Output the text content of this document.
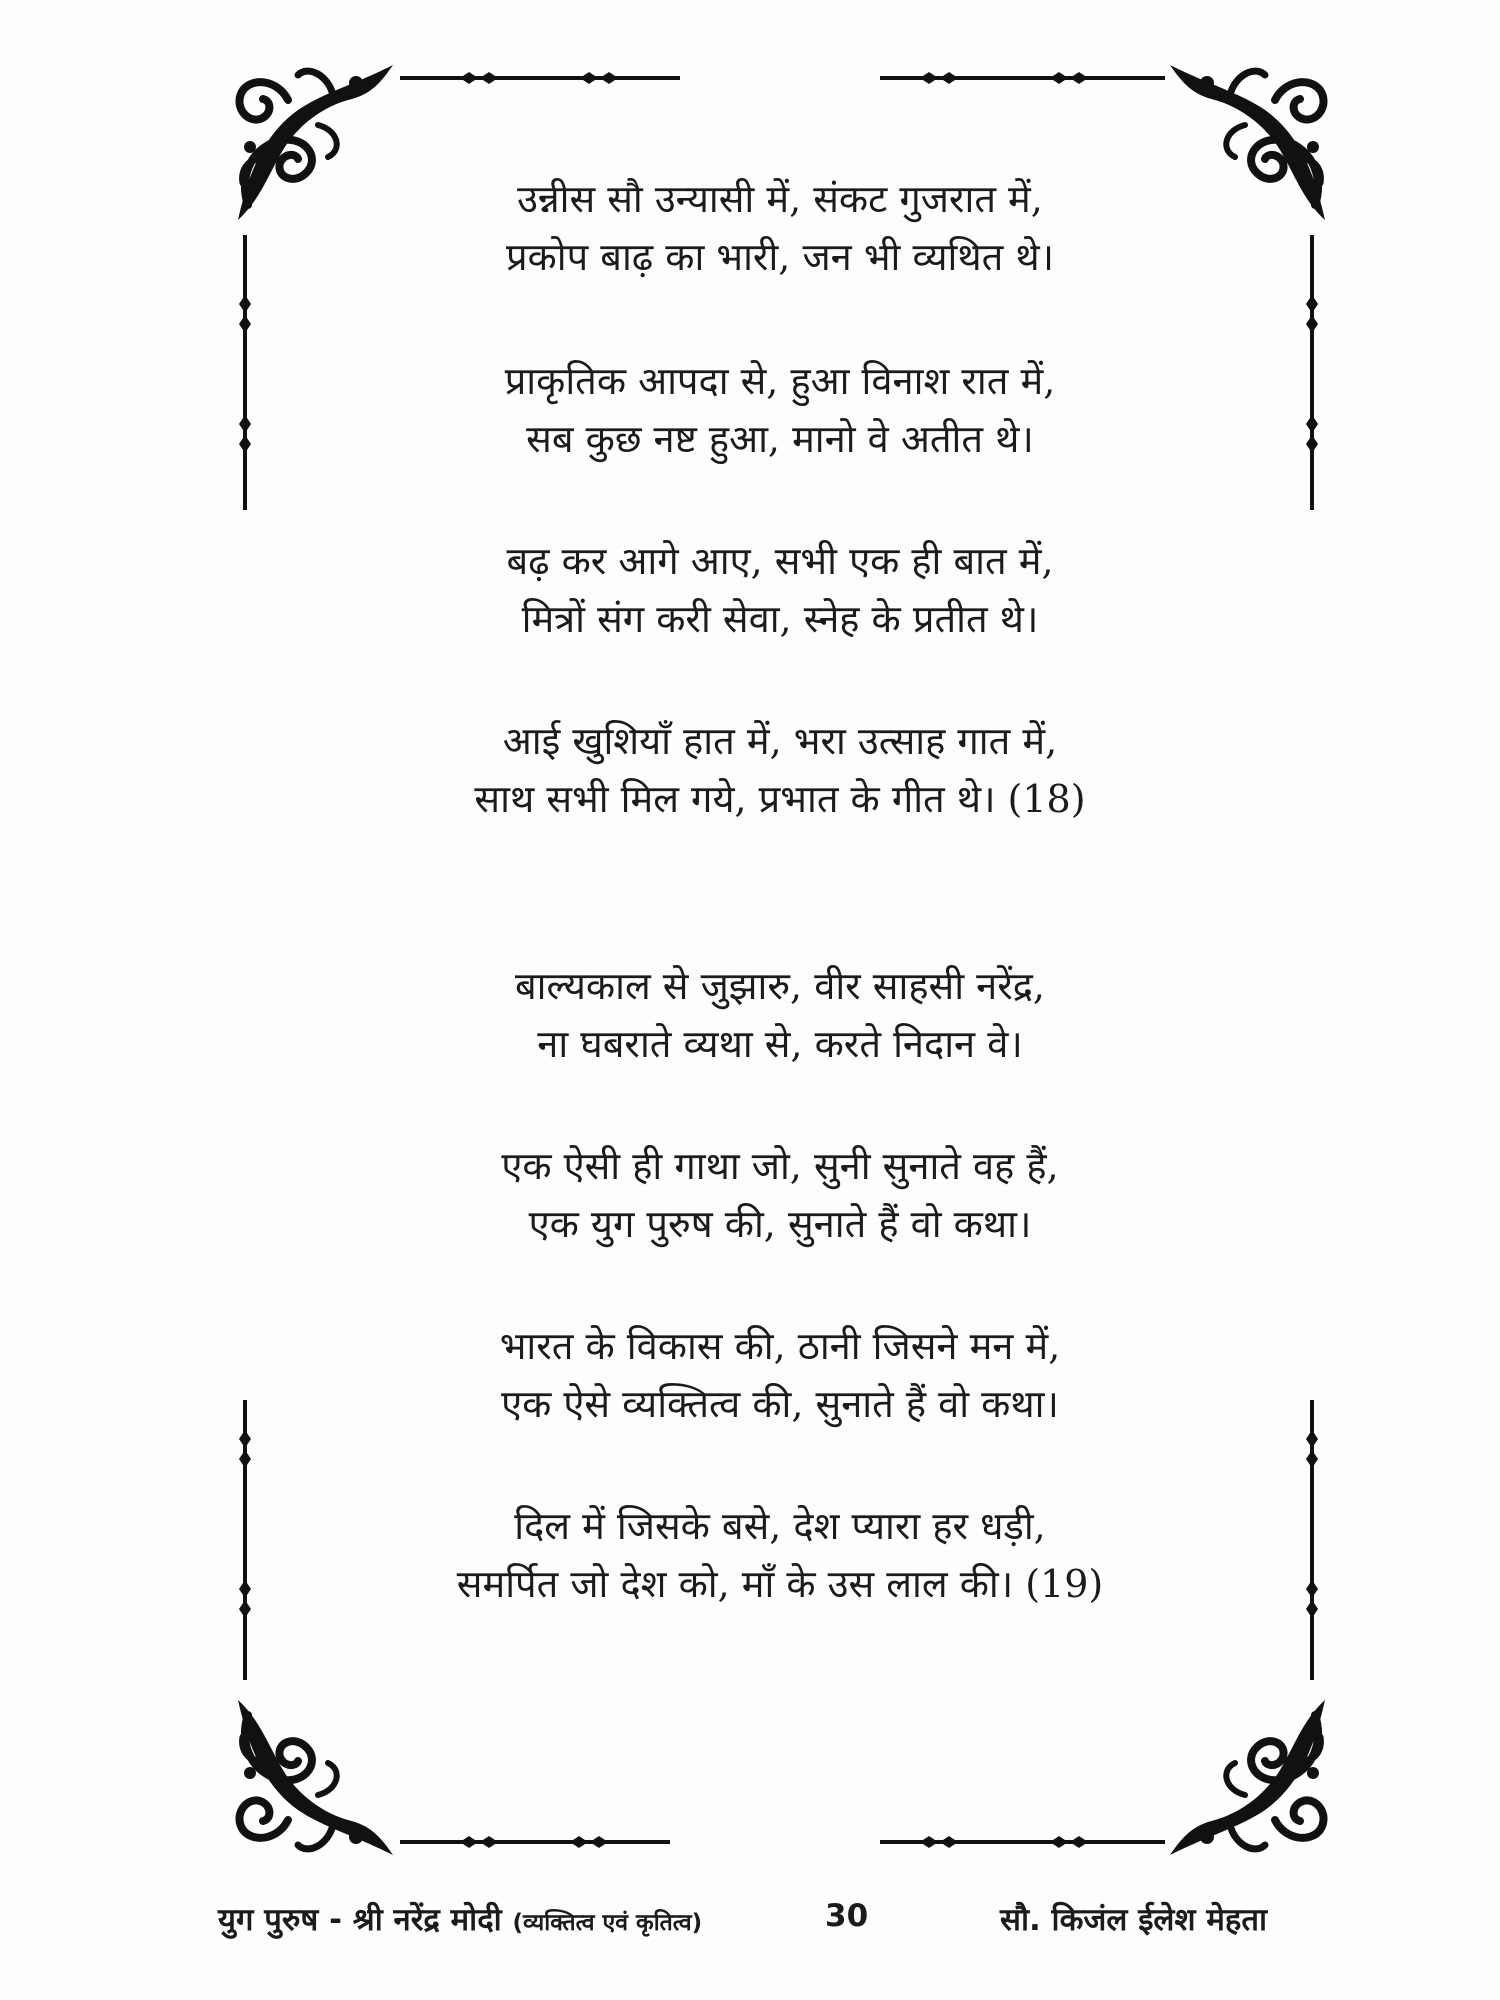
उन्नीस सौ उन्यासी में, संकट गुजरात में,
प्रकोप बाढ़ का भारी, जन भी व्यथित थे।
प्राकृतिक आपदा से, हुआ विनाश रात में,
सब कुछ नष्ट हुआ, मानो वे अतीत थे।
बढ़ कर आगे आए, सभी एक ही बात में,
मित्रों संग करी सेवा, स्नेह के प्रतीत थे।
आई खुशियाँ हात में, भरा उत्साह गात में,
साथ सभी मिल गये, प्रभात के गीत थे। (18)
बाल्यकाल से जुझारु, वीर साहसी नरेंद्र,
ना घबराते व्यथा से, करते निदान वे।
एक ऐसी ही गाथा जो, सुनी सुनाते वह हैं,
एक युग पुरुष की, सुनाते हैं वो कथा।
भारत के विकास की, ठानी जिसने मन में,
एक ऐसे व्यक्तित्व की, सुनाते हैं वो कथा।
दिल में जिसके बसे, देश प्यारा हर धड़ी,
समर्पित जो देश को, माँ के उस लाल की। (19)
युग पुरुष - श्री नरेंद्र मोदी (व्यक्तित्व एवं कृतित्व)	30	सौ. किजंल ईलेश मेहता
